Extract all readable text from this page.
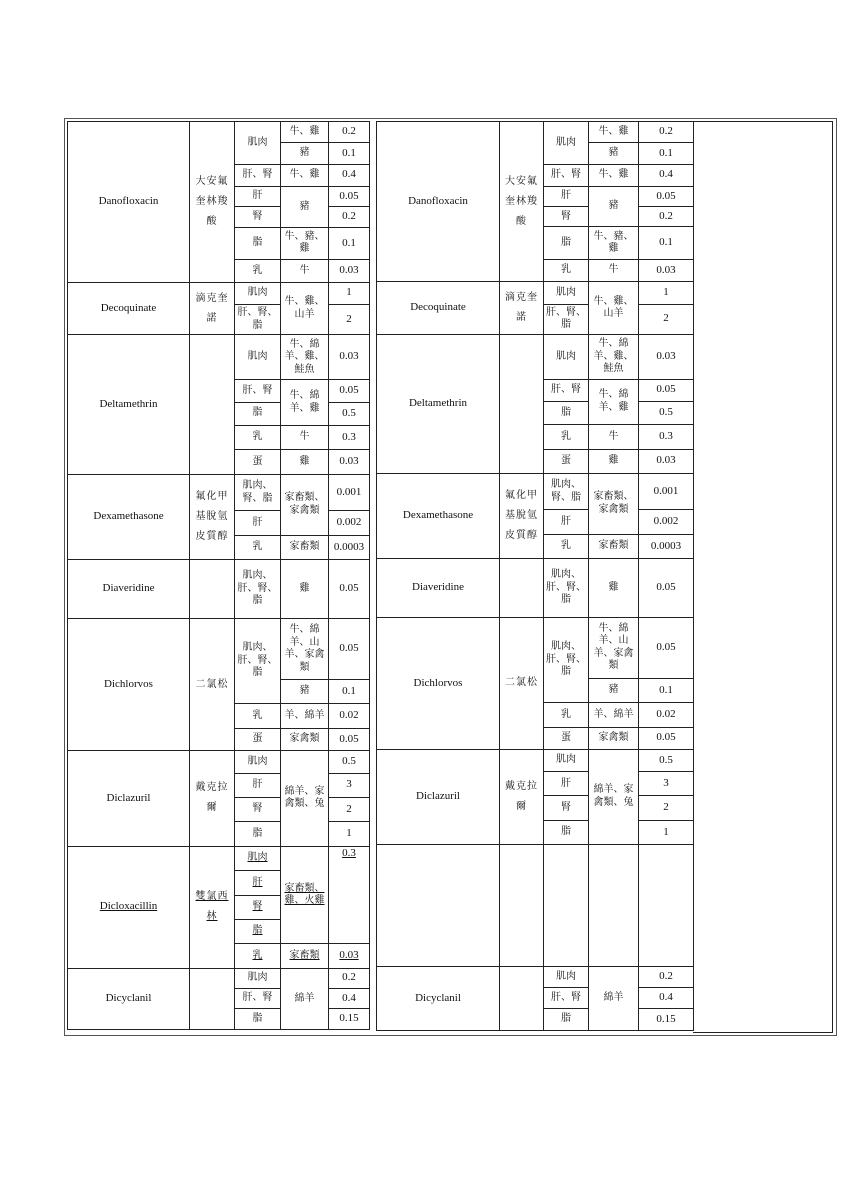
Danofloxacin	大安氟奎林羧酸	肌肉	牛、雞	0.2
			豬	0.1
		肝、腎	牛、雞	0.4
		肝	豬	0.05
		腎		0.2
		脂	牛、豬、雞	0.1
		乳	牛	0.03
Decoquinate	滴克奎諾	肌肉	牛、雞、山羊	1
		肝、腎、脂		2
Deltamethrin		肌肉	牛、綿羊、雞、鮭魚	0.03
		肝、腎	牛、綿羊、雞	0.05
		脂		0.5
		乳	牛	0.3
		蛋	雞	0.03
Dexamethasone	氟化甲基脫氫皮質醇	肌肉、腎、脂	家畜類、家禽類	0.001
		肝		0.002
		乳	家畜類	0.0003
Diaveridine		肌肉、肝、腎、脂	雞	0.05
Dichlorvos	二氯松	肌肉、肝、腎、脂	牛、綿羊、山羊、家禽類	0.05
			豬	0.1
		乳	羊、綿羊	0.02
		蛋	家禽類	0.05
Diclazuril	戴克拉爾	肌肉	綿羊、家禽類、兔	0.5
		肝		3
		腎		2
		脂		1
Dicloxacillin	雙氯西林	肌肉	家畜類、雞、火雞	0.3
		肝		
		腎		
		脂		
		乳	家畜類	0.03
Dicyclanil		肌肉	綿羊	0.2
		肝、腎		0.4
		脂		0.15
Danofloxacin	大安氟奎林羧酸	肌肉	牛、雞	0.2
			豬	0.1
		肝、腎	牛、雞	0.4
		肝	豬	0.05
		腎		0.2
		脂	牛、豬、雞	0.1
		乳	牛	0.03
Decoquinate	滴克奎諾	肌肉	牛、雞、山羊	1
		肝、腎、脂		2
Deltamethrin		肌肉	牛、綿羊、雞、鮭魚	0.03
		肝、腎	牛、綿羊、雞	0.05
		脂		0.5
		乳	牛	0.3
		蛋	雞	0.03
Dexamethasone	氟化甲基脫氫皮質醇	肌肉、腎、脂	家畜類、家禽類	0.001
		肝		0.002
		乳	家畜類	0.0003
Diaveridine		肌肉、肝、腎、脂	雞	0.05
Dichlorvos	二氯松	肌肉、肝、腎、脂	牛、綿羊、山羊、家禽類	0.05
			豬	0.1
		乳	羊、綿羊	0.02
		蛋	家禽類	0.05
Diclazuril	戴克拉爾	肌肉	綿羊、家禽類、兔	0.5
		肝		3
		腎		2
		脂		1

Dicyclanil		肌肉	綿羊	0.2
		肝、腎		0.4
		脂		0.15
